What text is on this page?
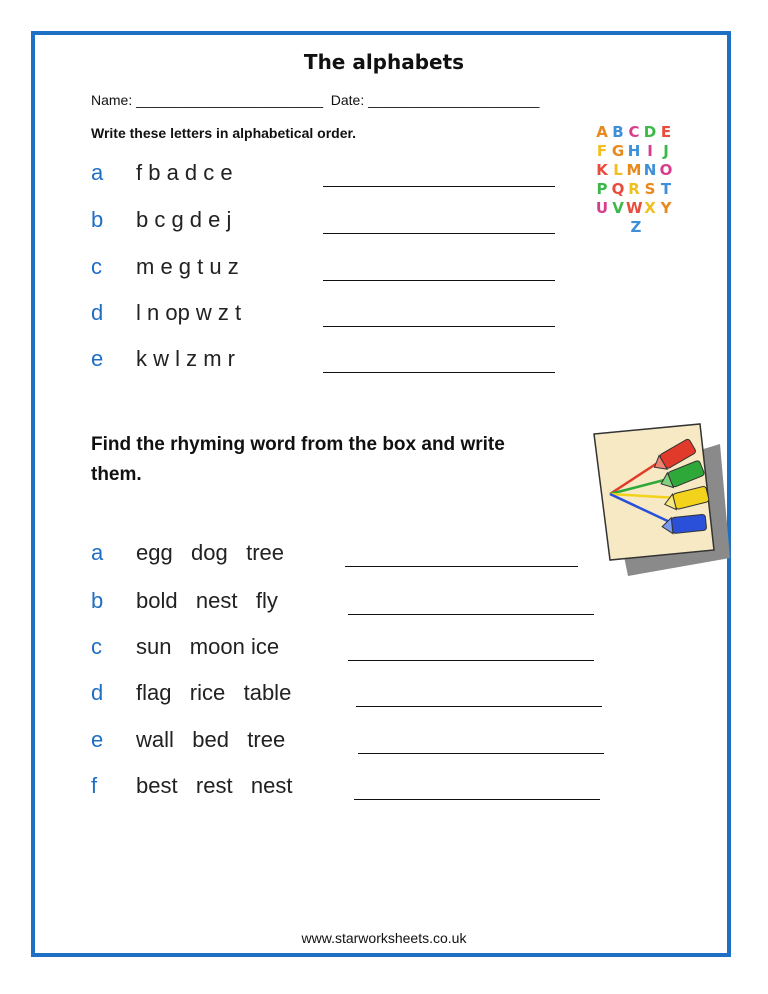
The alphabets
Name: ________________________  Date: ______________________
Write these letters in alphabetical order.
a f b a d c e
b b c g d e j
c m e g t u z
d l n op w z t
e k w l z m r
A B C D EF G H I JK L M N OP Q R S TU V W X YZ
Find the rhyming word from the box and write them.
a egg   dog   tree
b bold   nest   fly
c sun   moon ice
d flag   rice   table
e wall   bed   tree
f best   rest   nest
www.starworksheets.co.uk
